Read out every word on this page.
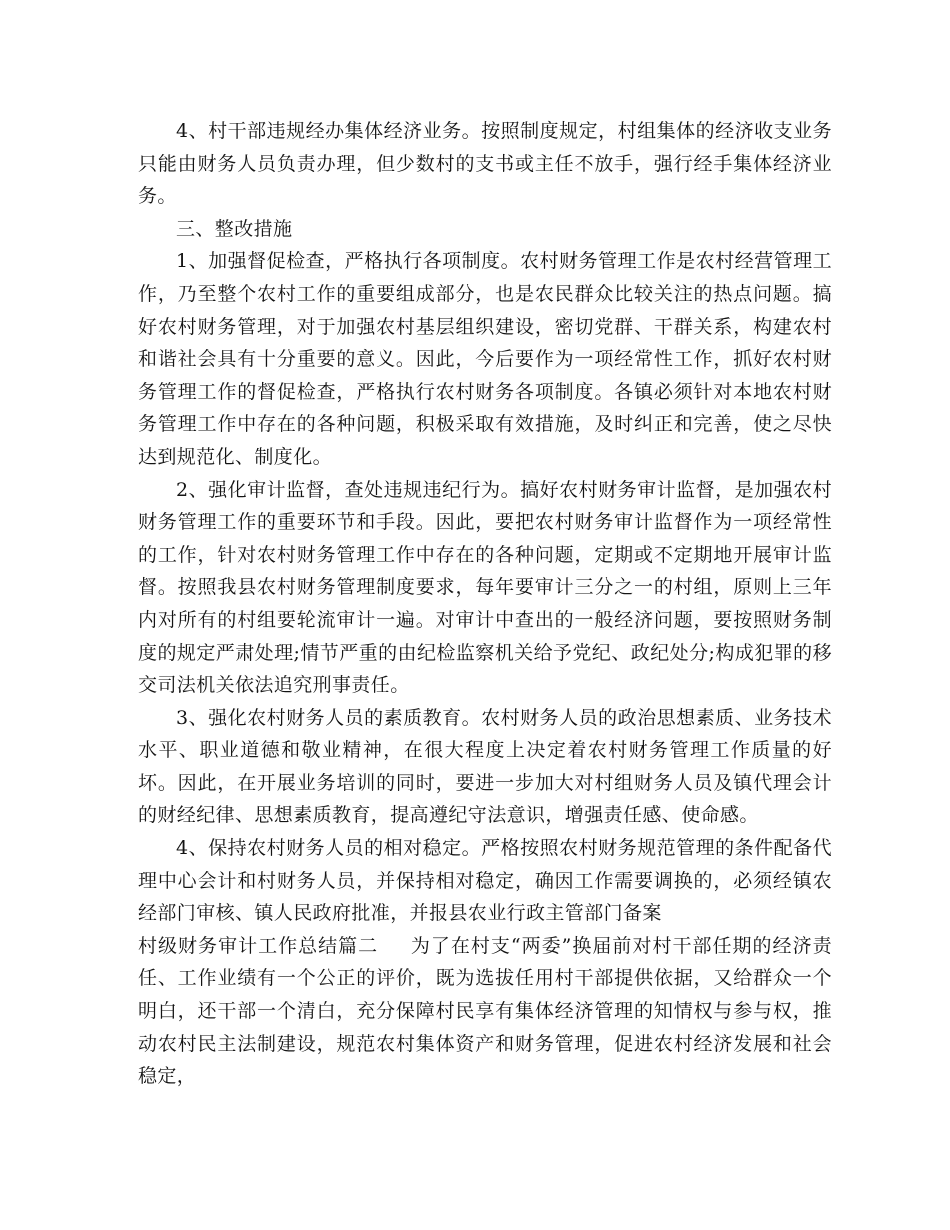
4、村干部违规经办集体经济业务。按照制度规定，村组集体的经济收支业务只能由财务人员负责办理，但少数村的支书或主任不放手，强行经手集体经济业务。

三、整改措施

1、加强督促检查，严格执行各项制度。农村财务管理工作是农村经营管理工作，乃至整个农村工作的重要组成部分，也是农民群众比较关注的热点问题。搞好农村财务管理，对于加强农村基层组织建设，密切党群、干群关系，构建农村和谐社会具有十分重要的意义。因此，今后要作为一项经常性工作，抓好农村财务管理工作的督促检查，严格执行农村财务各项制度。各镇必须针对本地农村财务管理工作中存在的各种问题，积极采取有效措施，及时纠正和完善，使之尽快达到规范化、制度化。

2、强化审计监督，查处违规违纪行为。搞好农村财务审计监督，是加强农村财务管理工作的重要环节和手段。因此，要把农村财务审计监督作为一项经常性的工作，针对农村财务管理工作中存在的各种问题，定期或不定期地开展审计监督。按照我县农村财务管理制度要求，每年要审计三分之一的村组，原则上三年内对所有的村组要轮流审计一遍。对审计中查出的一般经济问题，要按照财务制度的规定严肃处理;情节严重的由纪检监察机关给予党纪、政纪处分;构成犯罪的移交司法机关依法追究刑事责任。

3、强化农村财务人员的素质教育。农村财务人员的政治思想素质、业务技术水平、职业道德和敬业精神，在很大程度上决定着农村财务管理工作质量的好坏。因此，在开展业务培训的同时，要进一步加大对村组财务人员及镇代理会计的财经纪律、思想素质教育，提高遵纪守法意识，增强责任感、使命感。

4、保持农村财务人员的相对稳定。严格按照农村财务规范管理的条件配备代理中心会计和村财务人员，并保持相对稳定，确因工作需要调换的，必须经镇农经部门审核、镇人民政府批准，并报县农业行政主管部门备案

村级财务审计工作总结篇二 为了在村支“两委”换届前对村干部任期的经济责任、工作业绩有一个公正的评价，既为选拔任用村干部提供依据，又给群众一个明白，还干部一个清白，充分保障村民享有集体经济管理的知情权与参与权，推动农村民主法制建设，规范农村集体资产和财务管理，促进农村经济发展和社会稳定，
